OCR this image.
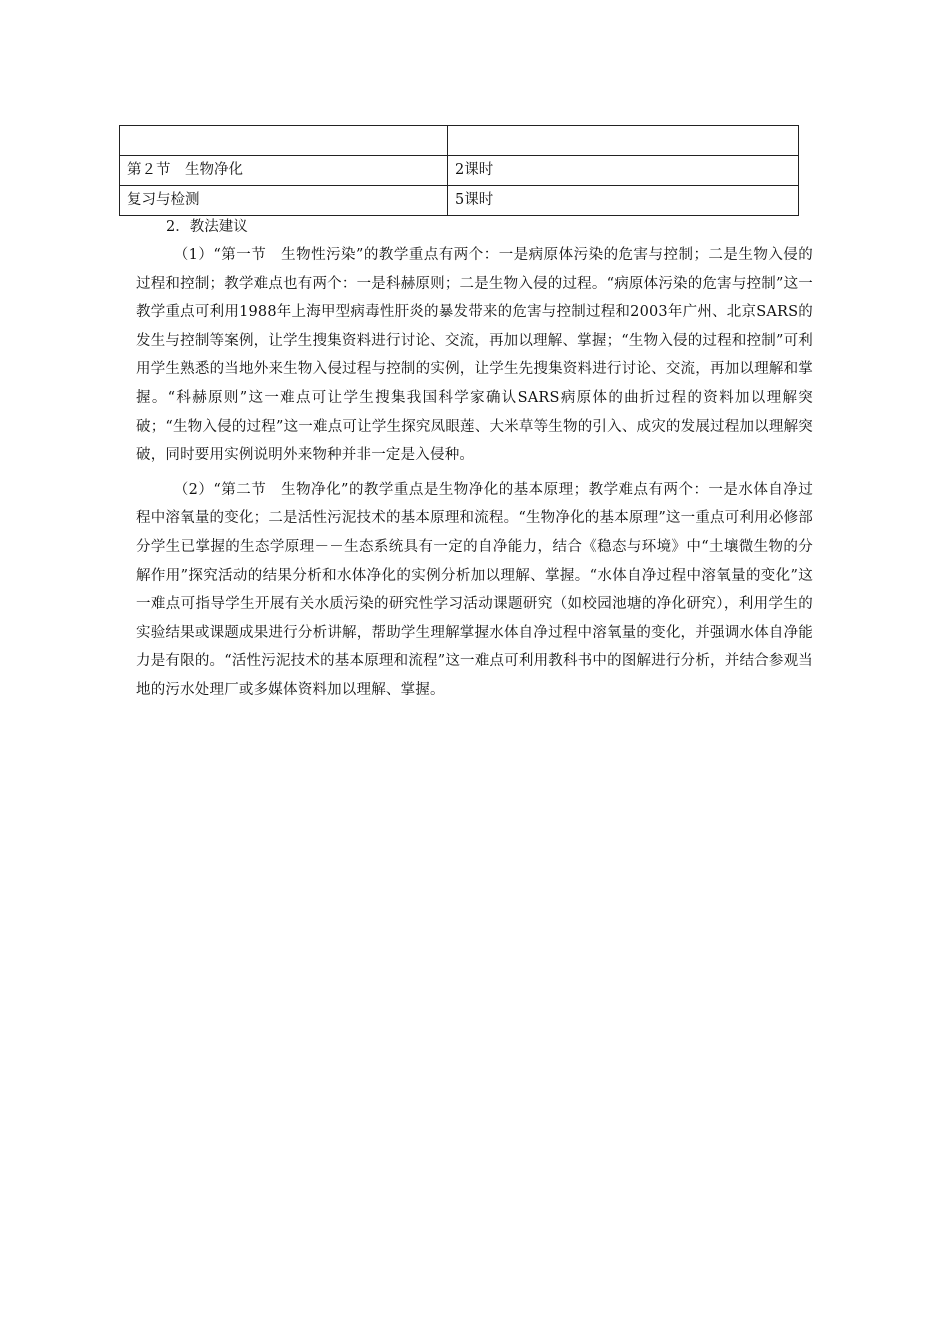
第２节　生物净化	2课时
复习与检测	5课时

2．教法建议

（1）“第一节　生物性污染”的教学重点有两个：一是病原体污染的危害与控制；二是生物入侵的过程和控制；教学难点也有两个：一是科赫原则；二是生物入侵的过程。“病原体污染的危害与控制”这一教学重点可利用1988年上海甲型病毒性肝炎的暴发带来的危害与控制过程和2003年广州、北京SARS的发生与控制等案例，让学生搜集资料进行讨论、交流，再加以理解、掌握；“生物入侵的过程和控制”可利用学生熟悉的当地外来生物入侵过程与控制的实例，让学生先搜集资料进行讨论、交流，再加以理解和掌握。“科赫原则”这一难点可让学生搜集我国科学家确认SARS病原体的曲折过程的资料加以理解突破；“生物入侵的过程”这一难点可让学生探究凤眼莲、大米草等生物的引入、成灾的发展过程加以理解突破，同时要用实例说明外来物种并非一定是入侵种。

（2）“第二节　生物净化”的教学重点是生物净化的基本原理；教学难点有两个：一是水体自净过程中溶氧量的变化；二是活性污泥技术的基本原理和流程。“生物净化的基本原理”这一重点可利用必修部分学生已掌握的生态学原理－－生态系统具有一定的自净能力，结合《稳态与环境》中“土壤微生物的分解作用”探究活动的结果分析和水体净化的实例分析加以理解、掌握。“水体自净过程中溶氧量的变化”这一难点可指导学生开展有关水质污染的研究性学习活动课题研究（如校园池塘的净化研究），利用学生的实验结果或课题成果进行分析讲解，帮助学生理解掌握水体自净过程中溶氧量的变化，并强调水体自净能力是有限的。“活性污泥技术的基本原理和流程”这一难点可利用教科书中的图解进行分析，并结合参观当地的污水处理厂或多媒体资料加以理解、掌握。
